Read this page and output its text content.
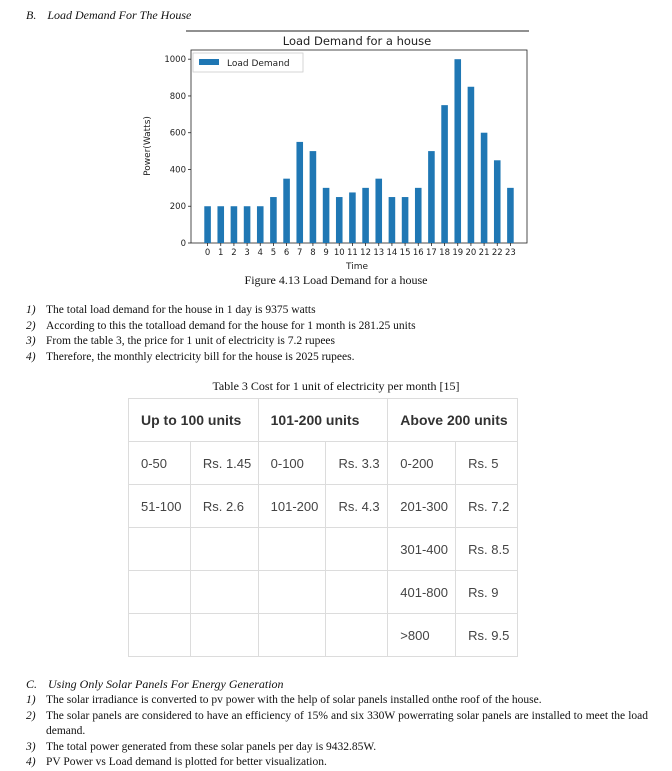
B. Load Demand For The House
Load Demand for a house
0
200
400
600
800
1000
0 1 2 3 4 5 6 7 8 9 10 11 12 13 14 15 16 17 18 19 20 21 22 23
Power(Watts)
Time
Load Demand
Figure 4.13 Load Demand for a house
1) The total load demand for the house in 1 day is 9375 watts
2) According to this the totalload demand for the house for 1 month is 281.25 units
3) From the table 3, the price for 1 unit of electricity is 7.2 rupees
4) Therefore, the monthly electricity bill for the house is 2025 rupees.
Table 3 Cost for 1 unit of electricity per month [15]
Up to 100 units		101-200 units		Above 200 units	
0-50	Rs. 1.45	0-100	Rs. 3.3	0-200	Rs. 5
51-100	Rs. 2.6	101-200	Rs. 4.3	201-300	Rs. 7.2
				301-400	Rs. 8.5
				401-800	Rs. 9
				>800	Rs. 9.5
C. Using Only Solar Panels For Energy Generation
1) The solar irradiance is converted to pv power with the help of solar panels installed onthe roof of the house.
2) The solar panels are considered to have an efficiency of 15% and six 330W powerrating solar panels are installed to meet the load demand.
3) The total power generated from these solar panels per day is 9432.85W.
4) PV Power vs Load demand is plotted for better visualization.
